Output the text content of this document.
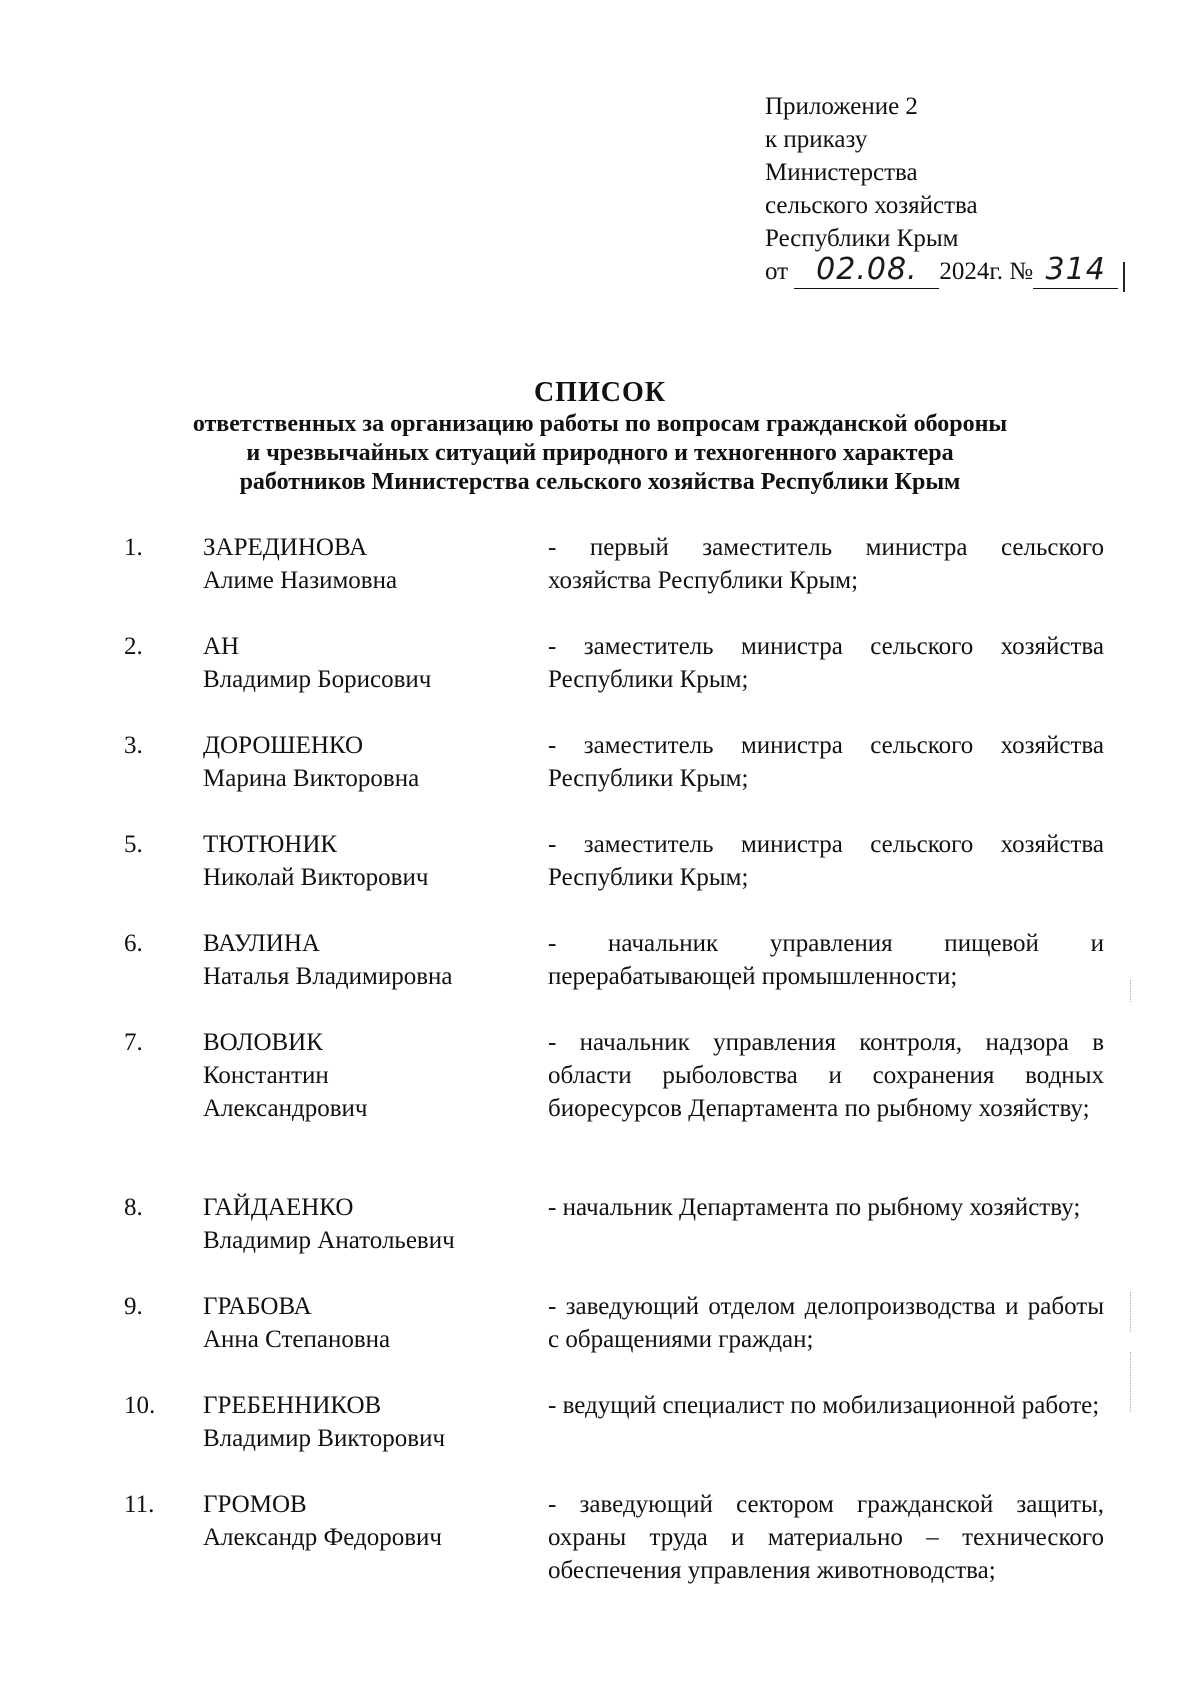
Приложение 2
к приказу
Министерства
сельского хозяйства
Республики Крым
от 02.08. 2024г. № 314
СПИСОК
ответственных за организацию работы по вопросам гражданской обороны
и чрезвычайных ситуаций природного и техногенного характера
работников Министерства сельского хозяйства Республики Крым
1. ЗАРЕДИНОВА
Алиме Назимовна
- первый заместитель министра сельского хозяйства Республики Крым;
2. АН
Владимир Борисович
- заместитель министра сельского хозяйства Республики Крым;
3. ДОРОШЕНКО
Марина Викторовна
- заместитель министра сельского хозяйства Республики Крым;
5. ТЮТЮНИК
Николай Викторович
- заместитель министра сельского хозяйства Республики Крым;
6. ВАУЛИНА
Наталья Владимировна
- начальник управления пищевой и перерабатывающей промышленности;
7. ВОЛОВИК
Константин
Александрович
- начальник управления контроля, надзора в области рыболовства и сохранения водных биоресурсов Департамента по рыбному хозяйству;
8. ГАЙДАЕНКО
Владимир Анатольевич
- начальник Департамента по рыбному хозяйству;
9. ГРАБОВА
Анна Степановна
- заведующий отделом делопроизводства и работы с обращениями граждан;
10. ГРЕБЕННИКОВ
Владимир Викторович
- ведущий специалист по мобилизационной работе;
11. ГРОМОВ
Александр Федорович
- заведующий сектором гражданской защиты, охраны труда и материально – технического обеспечения управления животноводства;
